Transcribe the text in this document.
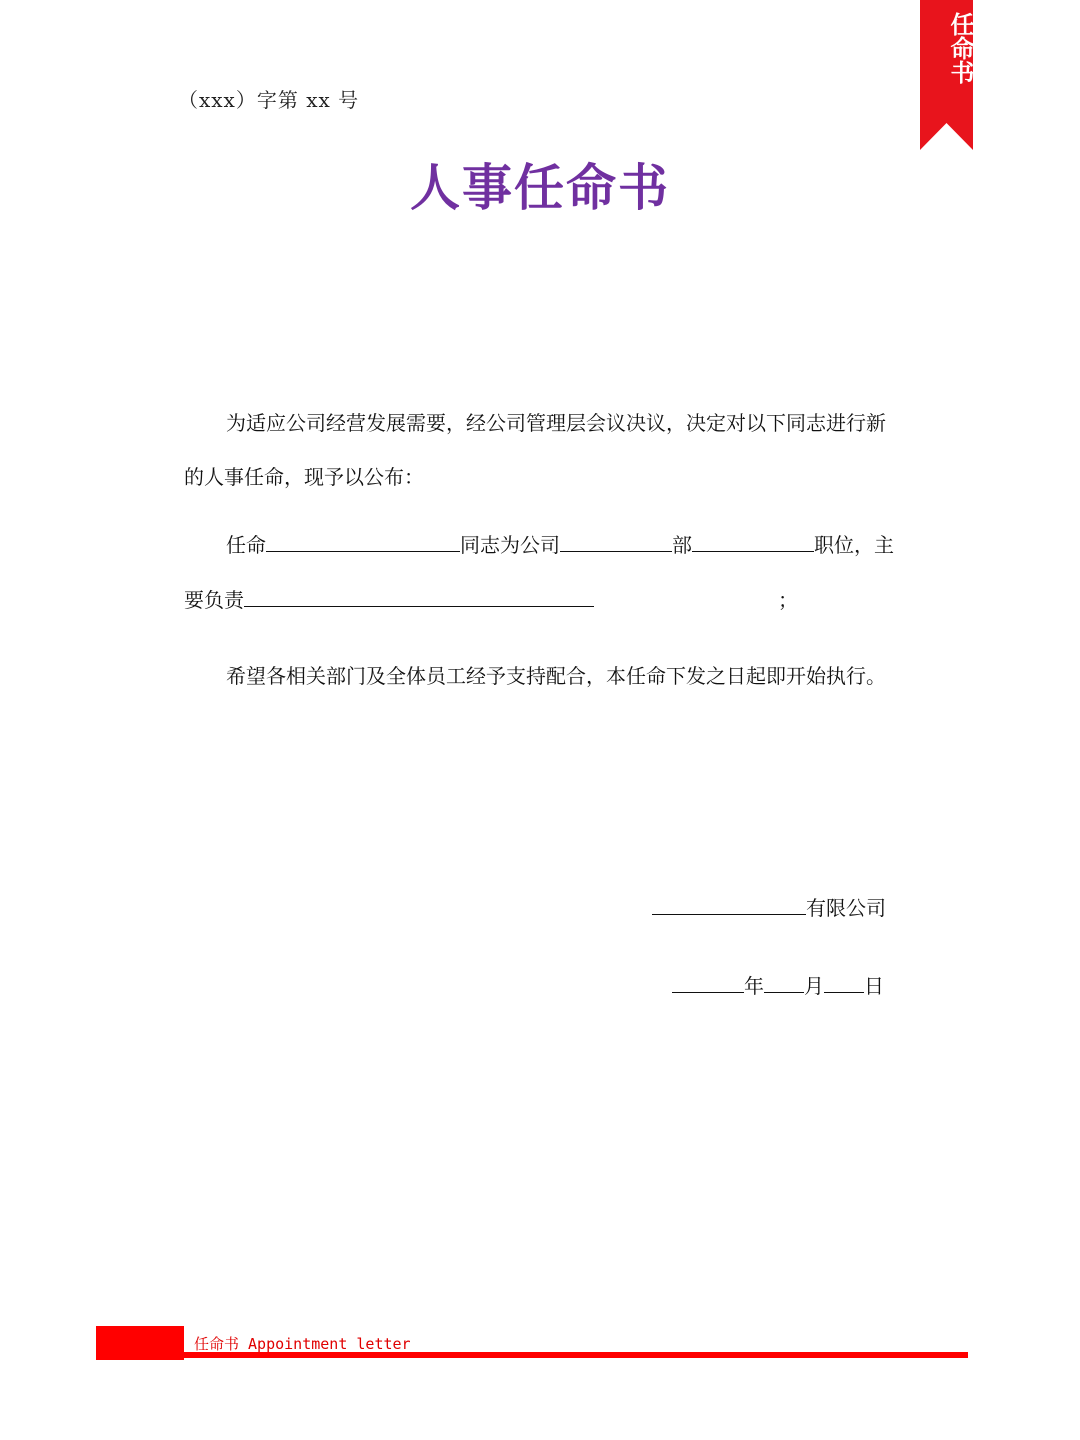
（xxx）字第 xx 号
任命书
人事任命书
为适应公司经营发展需要，经公司管理层会议决议，决定对以下同志进行新的人事任命，现予以公布：
任命	同志为公司	部	职位，主
要负责	；
希望各相关部门及全体员工经予支持配合，本任命下发之日起即开始执行。
有限公司
年 月 日
任命书 Appointment letter
